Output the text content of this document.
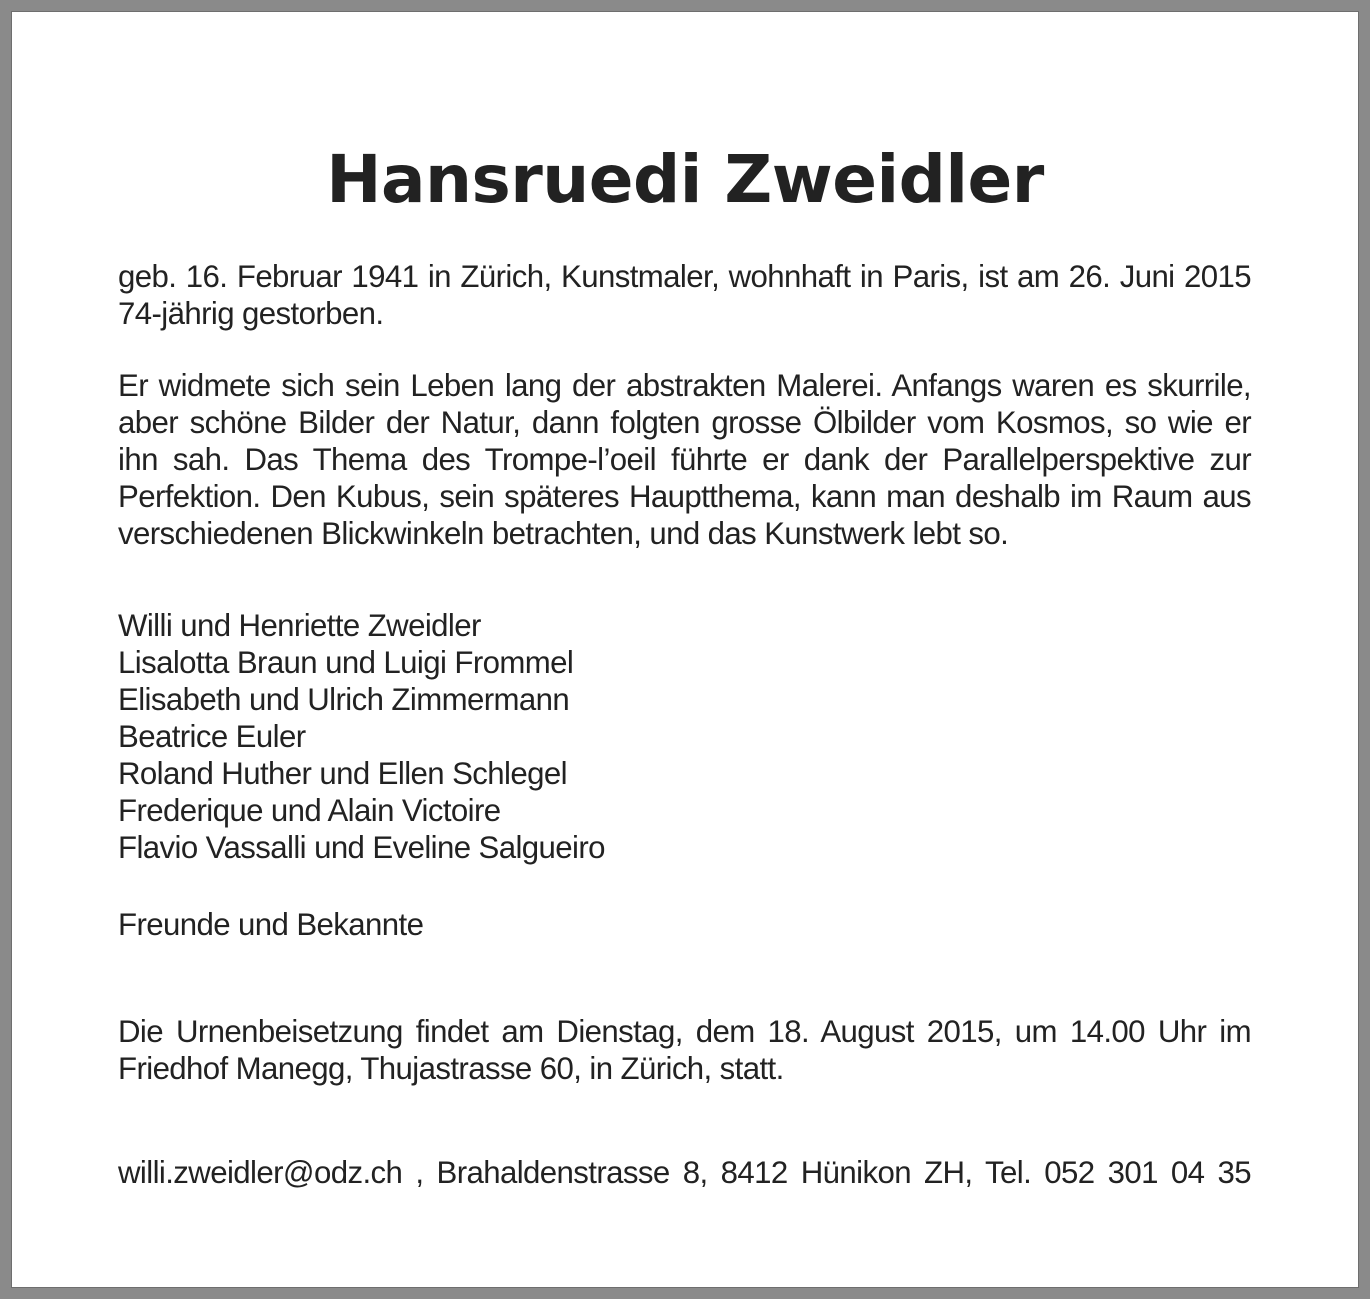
Hansruedi Zweidler

geb. 16. Februar 1941 in Zürich, Kunstmaler, wohnhaft in Paris, ist am 26. Juni 2015
74-jährig gestorben.

Er widmete sich sein Leben lang der abstrakten Malerei. Anfangs waren es skurrile,
aber schöne Bilder der Natur, dann folgten grosse Ölbilder vom Kosmos, so wie er
ihn sah. Das Thema des Trompe-l’oeil führte er dank der Parallelperspektive zur
Perfektion. Den Kubus, sein späteres Hauptthema, kann man deshalb im Raum aus
verschiedenen Blickwinkeln betrachten, und das Kunstwerk lebt so.

Willi und Henriette Zweidler
Lisalotta Braun und Luigi Frommel
Elisabeth und Ulrich Zimmermann
Beatrice Euler
Roland Huther und Ellen Schlegel
Frederique und Alain Victoire
Flavio Vassalli und Eveline Salgueiro

Freunde und Bekannte

Die Urnenbeisetzung findet am Dienstag, dem 18. August 2015, um 14.00 Uhr im
Friedhof Manegg, Thujastrasse 60, in Zürich, statt.

willi.zweidler@odz.ch , Brahaldenstrasse 8, 8412 Hünikon ZH, Tel. 052 301 04 35
